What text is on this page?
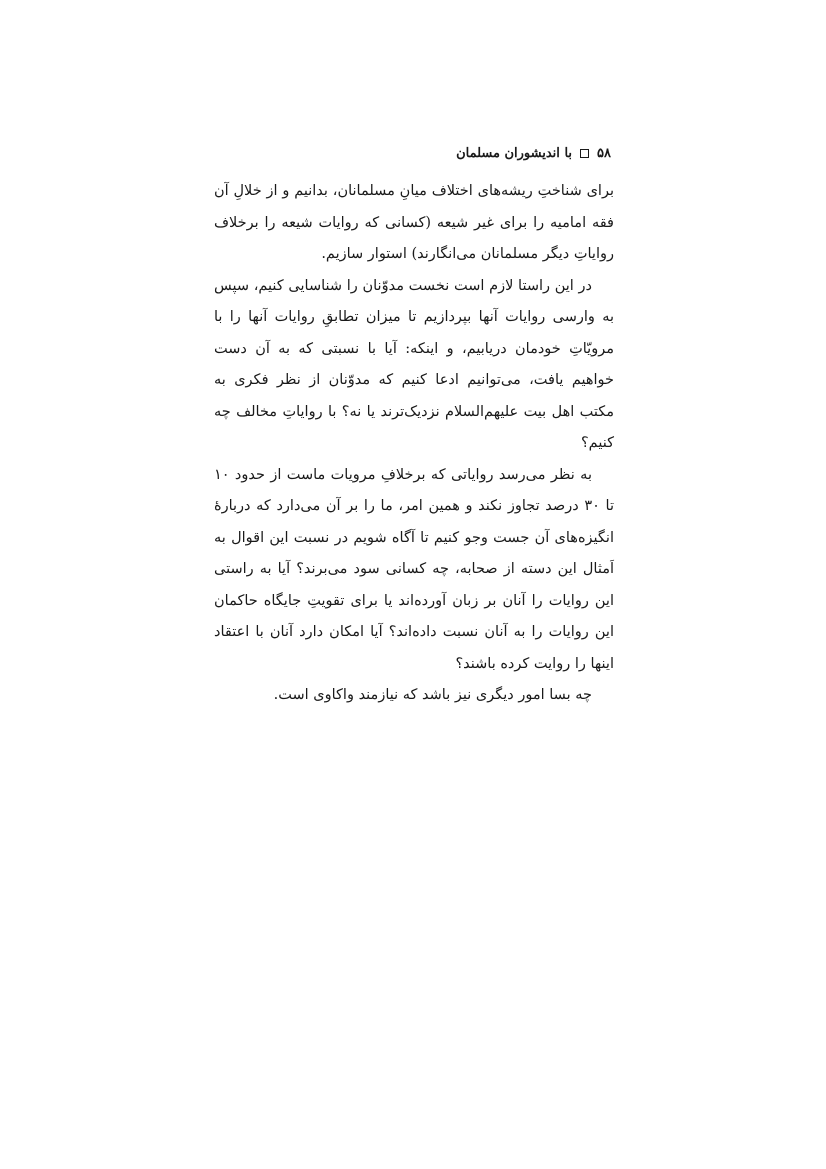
۵۸
با اندیشوران مسلمان

برای شناختِ ریشه‌های اختلاف میانِ مسلمانان، بدانیم و از خلالِ آن فقه امامیه را برای غیر شیعه (کسانی که روایات شیعه را برخلاف روایاتِ دیگر مسلمانان می‌انگارند) استوار سازیم.

در این راستا لازم است نخست مدوّنان را شناسایی کنیم، سپس به وارسی روایات آنها بپردازیم تا میزان تطابقِ روایات آنها را با مرویّاتِ خودمان دریابیم، و اینکه: آیا با نسبتی که به آن دست خواهیم یافت، می‌توانیم ادعا کنیم که مدوّنان از نظر فکری به مکتب اهل بیت علیهم‌السلام نزدیک‌ترند یا نه؟ با روایاتِ مخالف چه کنیم؟

به نظر می‌رسد روایاتی که برخلافِ مرویات ماست از حدود ۱۰ تا ۳۰ درصد تجاوز نکند و همین امر، ما را بر آن می‌دارد که دربارهٔ انگیزه‌های آن جست وجو کنیم تا آگاه شویم در نسبت این اقوال به اَمثال این دسته از صحابه، چه کسانی سود می‌برند؟ آیا به راستی این روایات را آنان بر زبان آورده‌اند یا برای تقویتِ جایگاه حاکمان این روایات را به آنان نسبت داده‌اند؟ آیا امکان دارد آنان با اعتقاد اینها را روایت کرده باشند؟

چه بسا امور دیگری نیز باشد که نیازمند واکاوی است.
